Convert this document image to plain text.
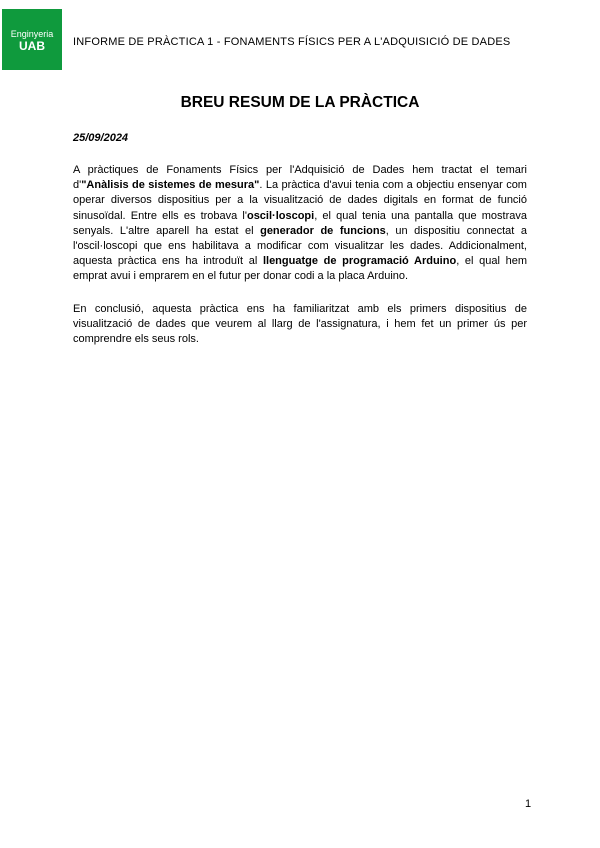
Enginyeria
UAB	INFORME DE PRÀCTICA 1 - FONAMENTS FÍSICS PER A L'ADQUISICIÓ DE DADES
BREU RESUM DE LA PRÀCTICA
25/09/2024

A pràctiques de Fonaments Físics per l'Adquisició de Dades hem tractat el temari d'"Anàlisis de sistemes de mesura". La pràctica d'avui tenia com a objectiu ensenyar com operar diversos dispositius per a la visualització de dades digitals en format de funció sinusoïdal. Entre ells es trobava l'oscil·loscopi, el qual tenia una pantalla que mostrava senyals. L'altre aparell ha estat el generador de funcions, un dispositiu connectat a l'oscil·loscopi que ens habilitava a modificar com visualitzar les dades. Addicionalment, aquesta pràctica ens ha introduït al llenguatge de programació Arduino, el qual hem emprat avui i emprarem en el futur per donar codi a la placa Arduino.

En conclusió, aquesta pràctica ens ha familiaritzat amb els primers dispositius de visualització de dades que veurem al llarg de l'assignatura, i hem fet un primer ús per comprendre els seus rols.

1
